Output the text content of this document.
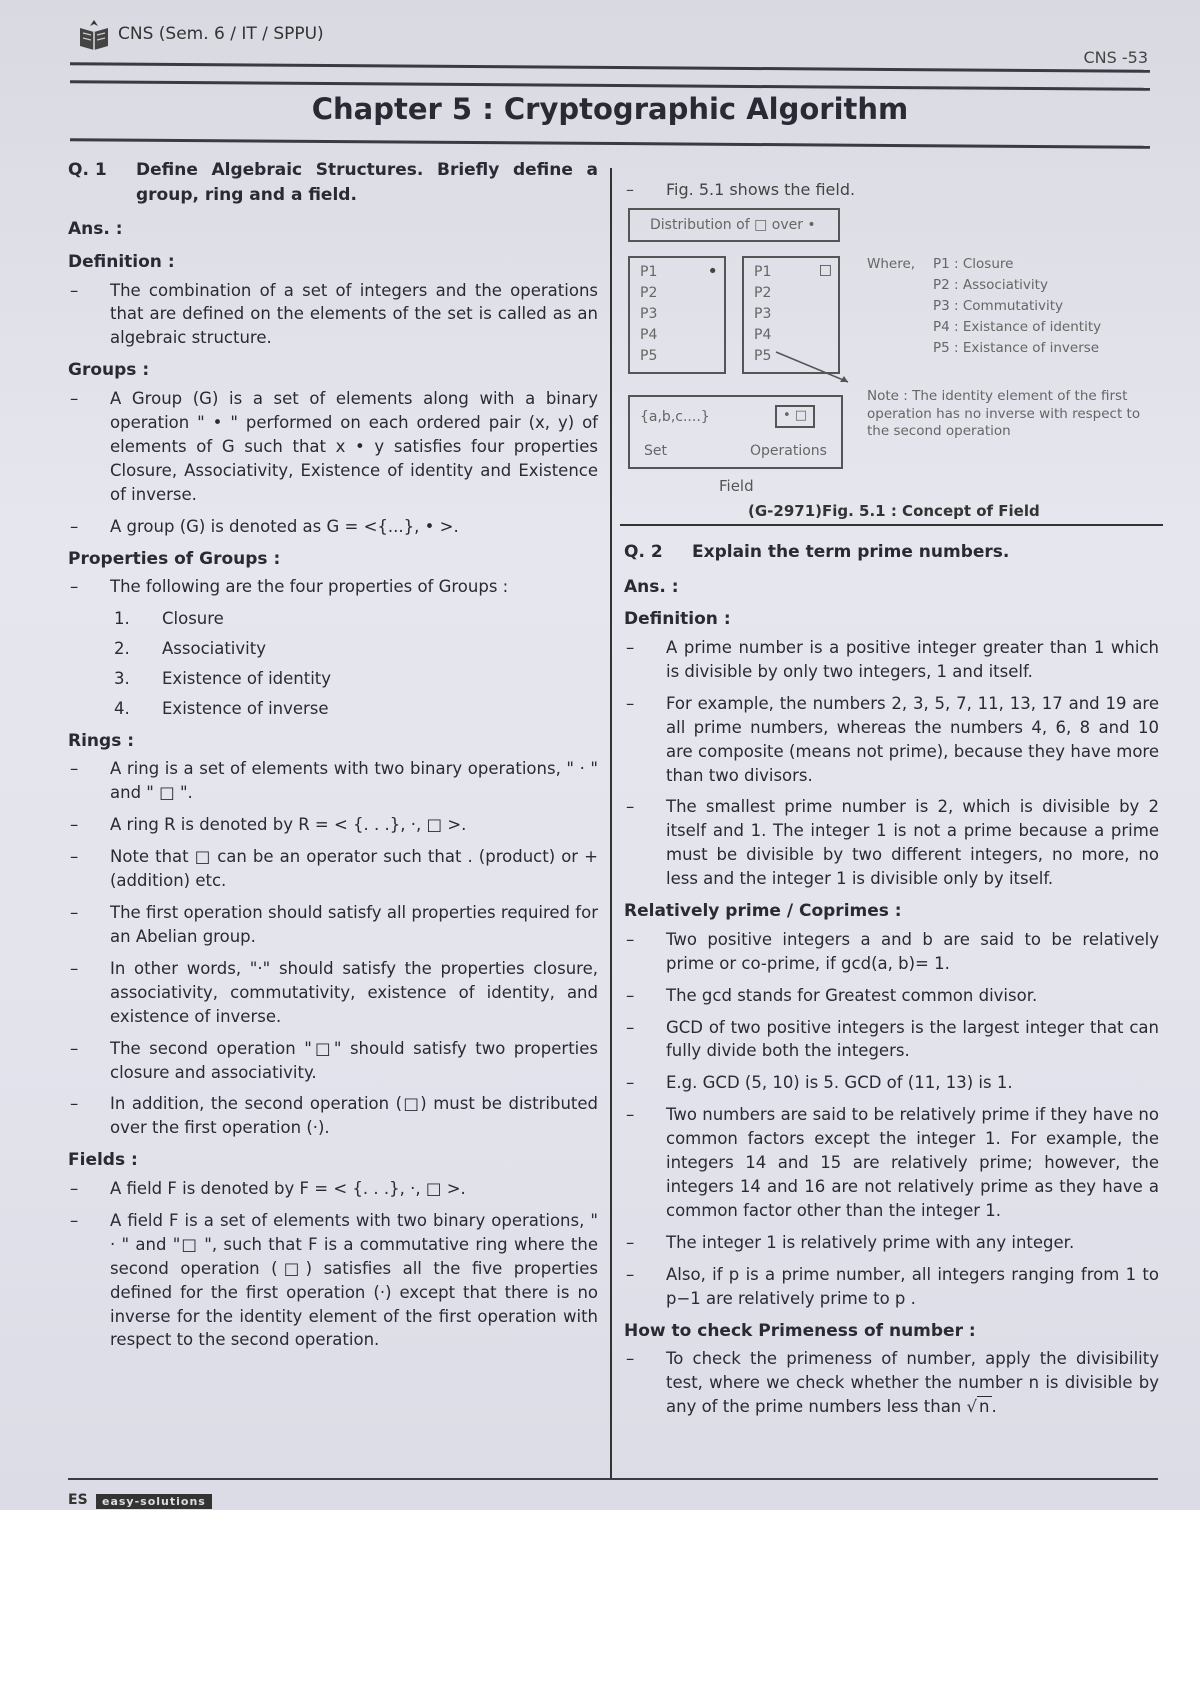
CNS (Sem. 6 / IT / SPPU)
CNS -53
Chapter 5 : Cryptographic Algorithm
Q. 1	Define Algebraic Structures. Briefly define a group, ring and a field.
Ans. :
Definition :
– The combination of a set of integers and the operations that are defined on the elements of the set is called as an algebraic structure.
Groups :
– A Group (G) is a set of elements along with a binary operation " • " performed on each ordered pair (x, y) of elements of G such that x • y satisfies four properties Closure, Associativity, Existence of identity and Existence of inverse.
– A group (G) is denoted as G = <{...}, • >.
Properties of Groups :
– The following are the four properties of Groups :
1.	Closure
2.	Associativity
3.	Existence of identity
4.	Existence of inverse
Rings :
– A ring is a set of elements with two binary operations, " · " and " □ ".
– A ring R is denoted by R = < {. . .}, ·, □ >.
– Note that □ can be an operator such that . (product) or + (addition) etc.
– The first operation should satisfy all properties required for an Abelian group.
– In other words, "·" should satisfy the properties closure, associativity, commutativity, existence of identity, and existence of inverse.
– The second operation "□" should satisfy two properties closure and associativity.
– In addition, the second operation (□) must be distributed over the first operation (·).
Fields :
– A field F is denoted by F = < {. . .}, ·, □ >.
– A field F is a set of elements with two binary operations, " · " and "□ ", such that F is a commutative ring where the second operation (□) satisfies all the five properties defined for the first operation (·) except that there is no inverse for the identity element of the first operation with respect to the second operation.
– Fig. 5.1 shows the field.
Distribution of □ over •
P1
P2
P3
P4
P5
•	P1
P2
P3
P4
P5
□
{a,b,c....}	• □
Set	Operations
Where,	P1 : Closure
P2 : Associativity
P3 : Commutativity
P4 : Existance of identity
P5 : Existance of inverse
Note : The identity element of the first operation has no inverse with respect to the second operation
Field
(G-2971)Fig. 5.1 : Concept of Field
Q. 2	Explain the term prime numbers.
Ans. :
Definition :
– A prime number is a positive integer greater than 1 which is divisible by only two integers, 1 and itself.
– For example, the numbers 2, 3, 5, 7, 11, 13, 17 and 19 are all prime numbers, whereas the numbers 4, 6, 8 and 10 are composite (means not prime), because they have more than two divisors.
– The smallest prime number is 2, which is divisible by 2 itself and 1. The integer 1 is not a prime because a prime must be divisible by two different integers, no more, no less and the integer 1 is divisible only by itself.
Relatively prime / Coprimes :
– Two positive integers a and b are said to be relatively prime or co-prime, if gcd(a, b)= 1.
– The gcd stands for Greatest common divisor.
– GCD of two positive integers is the largest integer that can fully divide both the integers.
– E.g. GCD (5, 10) is 5. GCD of (11, 13) is 1.
– Two numbers are said to be relatively prime if they have no common factors except the integer 1. For example, the integers 14 and 15 are relatively prime; however, the integers 14 and 16 are not relatively prime as they have a common factor other than the integer 1.
– The integer 1 is relatively prime with any integer.
– Also, if p is a prime number, all integers ranging from 1 to p−1 are relatively prime to p .
How to check Primeness of number :
– To check the primeness of number, apply the divisibility test, where we check whether the number n is divisible by any of the prime numbers less than √ n .
ES	easy-solutions
